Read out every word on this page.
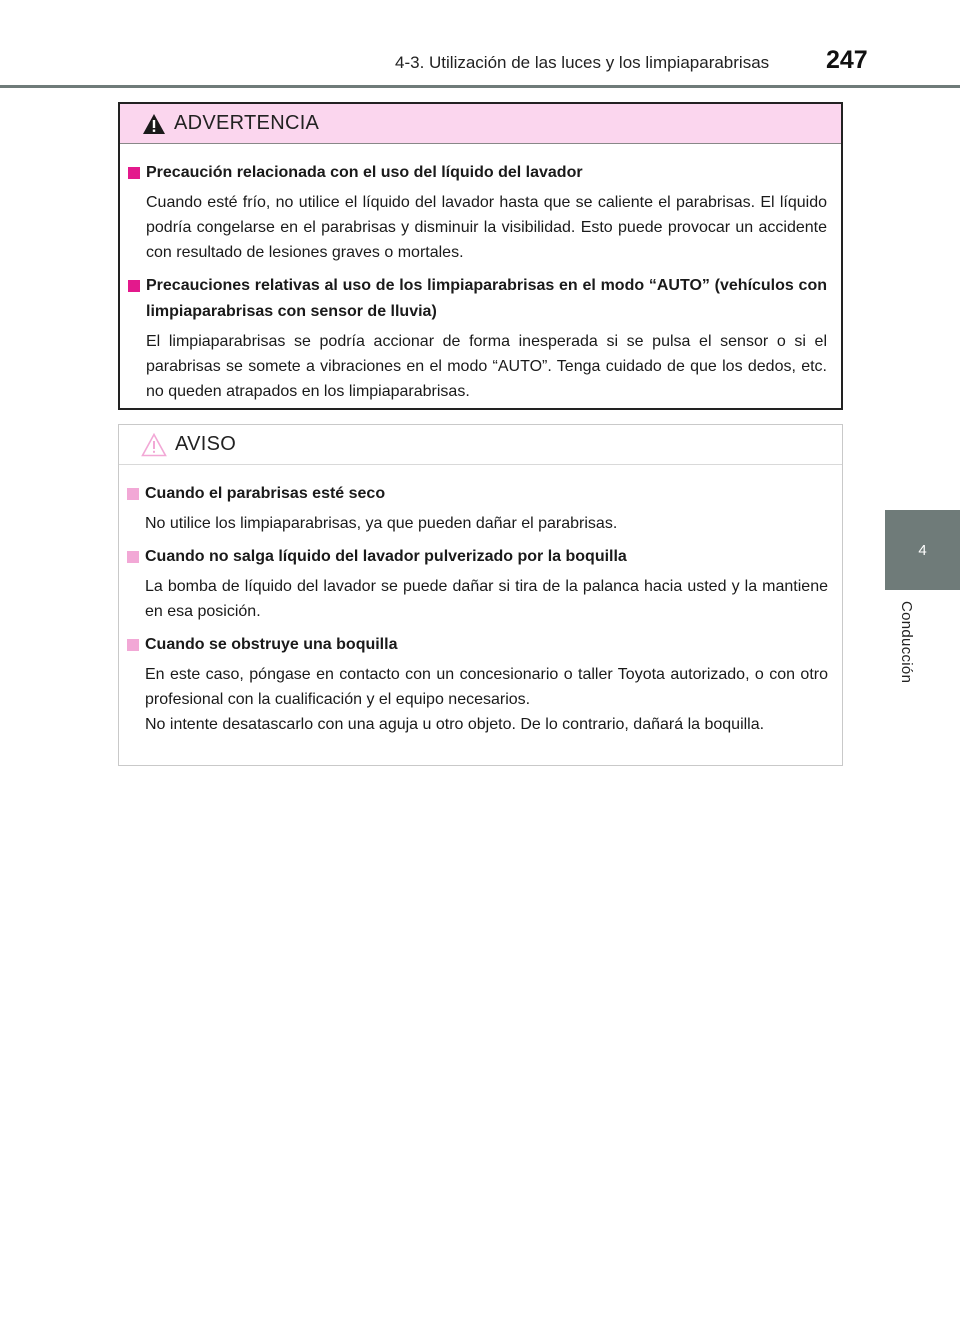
4-3. Utilización de las luces y los limpiaparabrisas 247
4
Conducción
ADVERTENCIA
Precaución relacionada con el uso del líquido del lavador
Cuando esté frío, no utilice el líquido del lavador hasta que se caliente el parabrisas. El líquido podría congelarse en el parabrisas y disminuir la visibilidad. Esto puede provocar un accidente con resultado de lesiones graves o mortales.
Precauciones relativas al uso de los limpiaparabrisas en el modo “AUTO” (vehículos con limpiaparabrisas con sensor de lluvia)
El limpiaparabrisas se podría accionar de forma inesperada si se pulsa el sensor o si el parabrisas se somete a vibraciones en el modo “AUTO”. Tenga cuidado de que los dedos, etc. no queden atrapados en los limpiaparabrisas.
AVISO
Cuando el parabrisas esté seco
No utilice los limpiaparabrisas, ya que pueden dañar el parabrisas.
Cuando no salga líquido del lavador pulverizado por la boquilla
La bomba de líquido del lavador se puede dañar si tira de la palanca hacia usted y la mantiene en esa posición.
Cuando se obstruye una boquilla
En este caso, póngase en contacto con un concesionario o taller Toyota autorizado, o con otro profesional con la cualificación y el equipo necesarios.
No intente desatascarlo con una aguja u otro objeto. De lo contrario, dañará la boquilla.
